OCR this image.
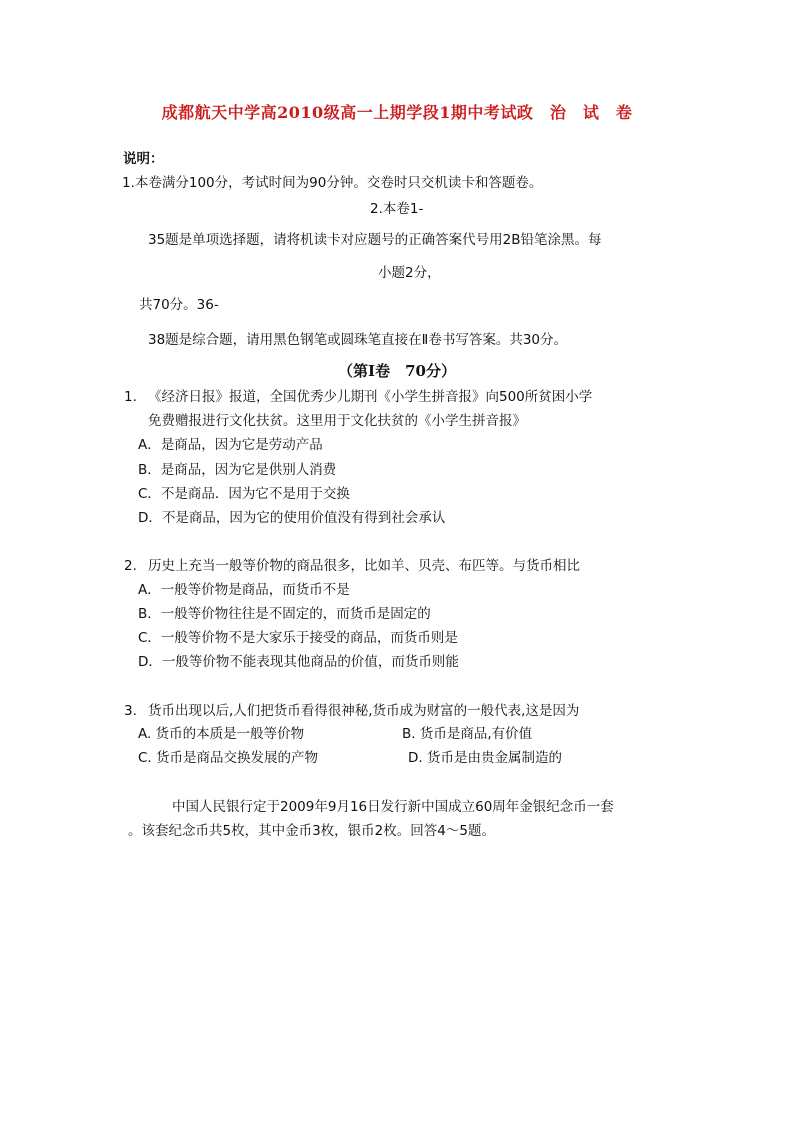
成都航天中学高2010级高一上期学段1期中考试政　治　试　卷
说明：
1.本卷满分100分，考试时间为90分钟。交卷时只交机读卡和答题卷。
2.本卷1-
35题是单项选择题，请将机读卡对应题号的正确答案代号用2B铅笔涂黑。每
小题2分，
共70分。36-
38题是综合题，请用黑色钢笔或圆珠笔直接在Ⅱ卷书写答案。共30分。
（第Ⅰ卷　70分）
1. 《经济日报》报道，全国优秀少儿期刊《小学生拼音报》向500所贫困小学
免费赠报进行文化扶贫。这里用于文化扶贫的《小学生拼音报》
A．是商品，因为它是劳动产品
B．是商品，因为它是供别人消费
C．不是商品．因为它不是用于交换
D．不是商品，因为它的使用价值没有得到社会承认
2. 历史上充当一般等价物的商品很多，比如羊、贝壳、布匹等。与货币相比
A．一般等价物是商品，而货币不是
B．一般等价物往往是不固定的，而货币是固定的
C．一般等价物不是大家乐于接受的商品，而货币则是
D．一般等价物不能表现其他商品的价值，而货币则能
3. 货币出现以后,人们把货币看得很神秘,货币成为财富的一般代表,这是因为
A. 货币的本质是一般等价物	B. 货币是商品,有价值
C. 货币是商品交换发展的产物	D. 货币是由贵金属制造的
中国人民银行定于2009年9月16日发行新中国成立60周年金银纪念币一套
。该套纪念币共5枚，其中金币3枚，银币2枚。回答4～5题。
